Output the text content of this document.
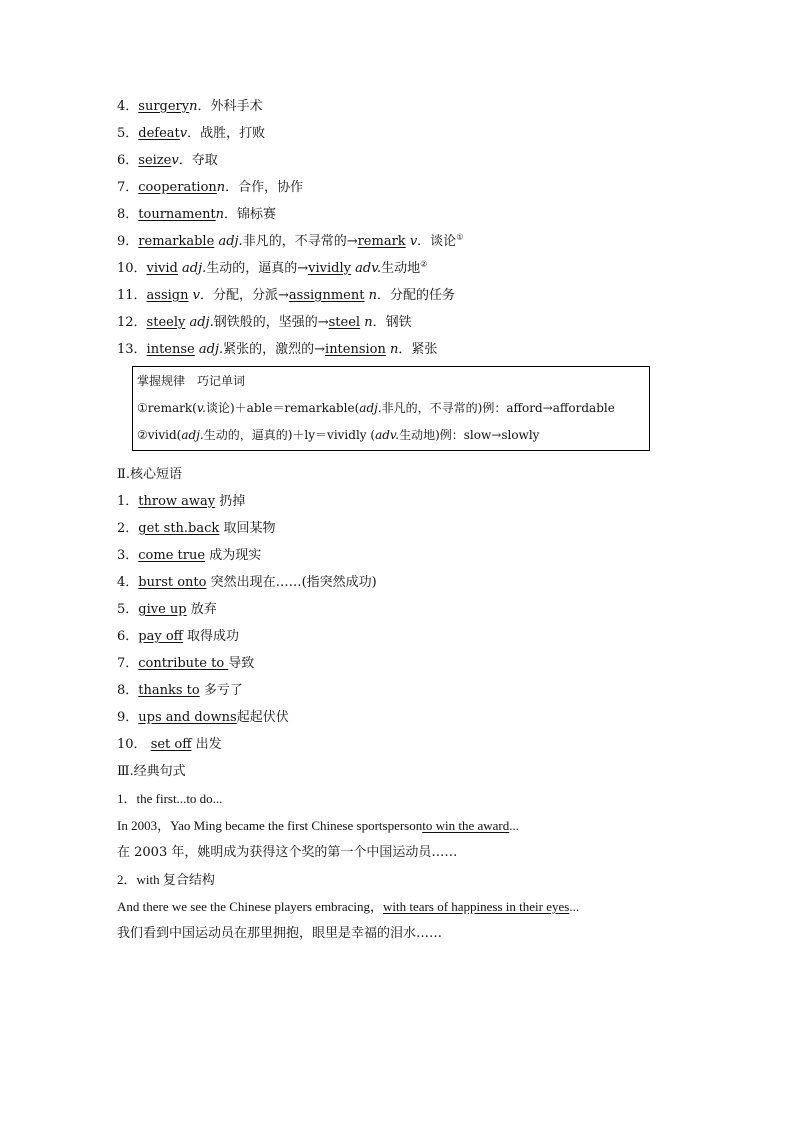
4．surgeryn．外科手术
5．defeatv．战胜，打败
6．seizev．夺取
7．cooperationn．合作，协作
8．tournamentn．锦标赛
9．remarkable adj.非凡的，不寻常的→remark v．谈论①
10．vivid adj.生动的，逼真的→vividly adv.生动地②
11．assign v．分配，分派→assignment n．分配的任务
12．steely adj.钢铁般的，坚强的→steel n．钢铁
13．intense adj.紧张的，激烈的→intension n．紧张
掌握规律　巧记单词
①remark(v.谈论)＋able＝remarkable(adj.非凡的，不寻常的)例：afford→affordable
②vivid(adj.生动的，逼真的)＋ly＝vividly (adv.生动地)例：slow→slowly
Ⅱ.核心短语
1．throw away 扔掉
2．get sth.back 取回某物
3．come true 成为现实
4．burst onto 突然出现在……(指突然成功)
5．give up 放弃
6．pay off 取得成功
7．contribute to 导致
8．thanks to 多亏了
9．ups and downs起起伏伏
10． set off 出发
Ⅲ.经典句式
1．the first...to do...
In 2003，Yao Ming became the first Chinese sportspersonto win the award...
在 2003 年，姚明成为获得这个奖的第一个中国运动员……
2．with 复合结构
And there we see the Chinese players embracing，with tears of happiness in their eyes...
我们看到中国运动员在那里拥抱，眼里是幸福的泪水……
